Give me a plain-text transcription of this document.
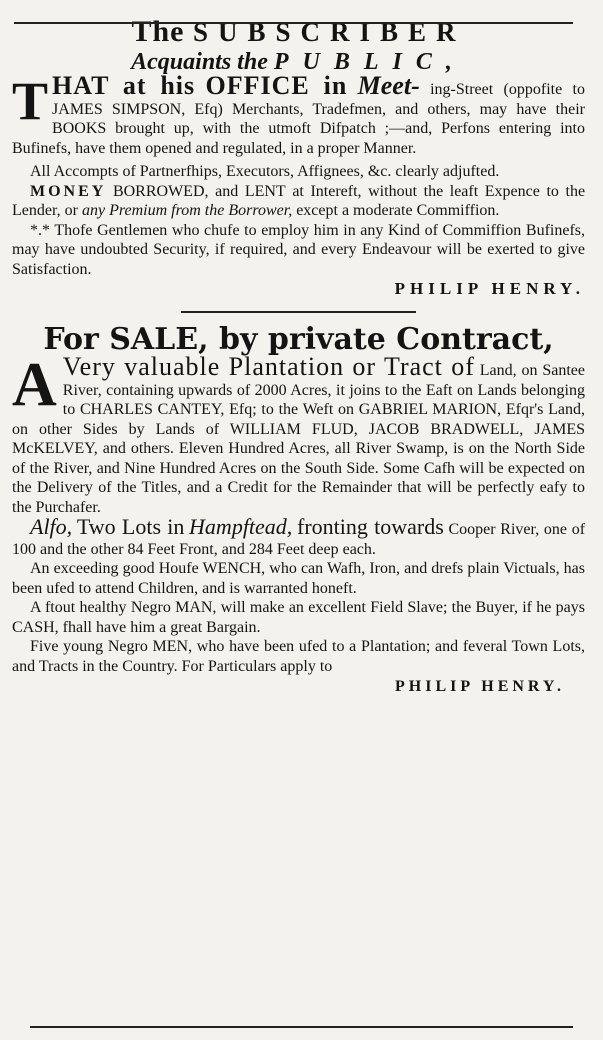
The SUBSCRIBER
Acquaints the PUBLIC,

T HAT at his OFFICE in Meet- ing-Street (oppofite to JAMES SIMPSON, Efq) Merchants, Tradefmen, and others, may have their BOOKS brought up, with the utmoft Difpatch ;—and, Perfons entering into Bufinefs, have them opened and regulated, in a proper Manner.

All Accompts of Partnerfhips, Executors, Affignees, &c. clearly adjufted.

MONEY BORROWED, and LENT at Intereft, without the leaft Expence to the Lender, or any Premium from the Borrower, except a moderate Commiffion.

*.* Thofe Gentlemen who chufe to employ him in any Kind of Commiffion Bufinefs, may have undoubted Security, if required, and every Endeavour will be exerted to give Satisfaction.

PHILIP HENRY.
For SALE, by private Contract,

A Very valuable Plantation or Tract of Land, on Santee River, containing upwards of 2000 Acres, it joins to the Eaft on Lands belonging to CHARLES CANTEY, Efq; to the Weft on GABRIEL MARION, Efqr's Land, on other Sides by Lands of WILLIAM FLUD, JACOB BRADWELL, JAMES McKELVEY, and others. Eleven Hundred Acres, all River Swamp, is on the North Side of the River, and Nine Hundred Acres on the South Side. Some Cafh will be expected on the Delivery of the Titles, and a Credit for the Remainder that will be perfectly eafy to the Purchafer.

Alfo, Two Lots in Hampftead, fronting towards Cooper River, one of 100 and the other 84 Feet Front, and 284 Feet deep each.

An exceeding good Houfe WENCH, who can Wafh, Iron, and drefs plain Victuals, has been ufed to attend Children, and is warranted honeft.

A ftout healthy Negro MAN, will make an excellent Field Slave; the Buyer, if he pays CASH, fhall have him a great Bargain.

Five young Negro MEN, who have been ufed to a Plantation; and feveral Town Lots, and Tracts in the Country. For Particulars apply to

PHILIP HENRY.
